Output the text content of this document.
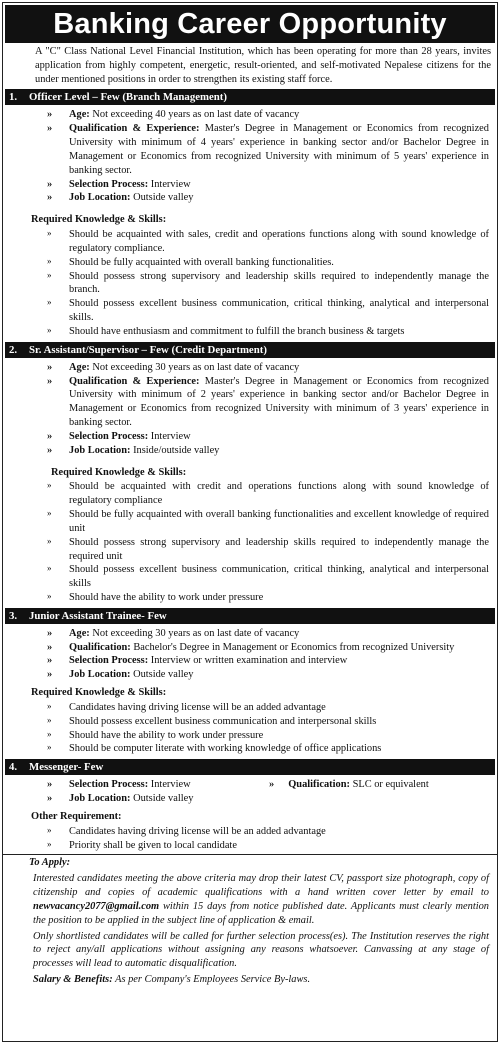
Banking Career Opportunity

A "C" Class National Level Financial Institution, which has been operating for more than 28 years, invites application from highly competent, energetic, result-oriented, and self-motivated Nepalese citizens for the under mentioned positions in order to strengthen its existing staff force.

1. Officer Level – Few (Branch Management)
» Age: Not exceeding 40 years as on last date of vacancy
» Qualification & Experience: Master's Degree in Management or Economics from recognized University with minimum of 4 years' experience in banking sector and/or Bachelor Degree in Management or Economics from recognized University with minimum of 5 years' experience in banking sector.
» Selection Process: Interview
» Job Location: Outside valley
Required Knowledge & Skills:
» Should be acquainted with sales, credit and operations functions along with sound knowledge of regulatory compliance.
» Should be fully acquainted with overall banking functionalities.
» Should possess strong supervisory and leadership skills required to independently manage the branch.
» Should possess excellent business communication, critical thinking, analytical and interpersonal skills.
» Should have enthusiasm and commitment to fulfill the branch business & targets
2. Sr. Assistant/Supervisor – Few (Credit Department)
» Age: Not exceeding 30 years as on last date of vacancy
» Qualification & Experience: Master's Degree in Management or Economics from recognized University with minimum of 2 years' experience in banking sector and/or Bachelor Degree in Management or Economics from recognized University with minimum of 3 years' experience in banking sector.
» Selection Process: Interview
» Job Location: Inside/outside valley
Required Knowledge & Skills:
» Should be acquainted with credit and operations functions along with sound knowledge of regulatory compliance
» Should be fully acquainted with overall banking functionalities and excellent knowledge of required unit
» Should possess strong supervisory and leadership skills required to independently manage the required unit
» Should possess excellent business communication, critical thinking, analytical and interpersonal skills
» Should have the ability to work under pressure
3. Junior Assistant Trainee- Few
» Age: Not exceeding 30 years as on last date of vacancy
» Qualification: Bachelor's Degree in Management or Economics from recognized University
» Selection Process: Interview or written examination and interview
» Job Location: Outside valley
Required Knowledge & Skills:
» Candidates having driving license will be an added advantage
» Should possess excellent business communication and interpersonal skills
» Should have the ability to work under pressure
» Should be computer literate with working knowledge of office applications
4. Messenger- Few
» Selection Process: Interview	» Qualification: SLC or equivalent
» Job Location: Outside valley
Other Requirement:
» Candidates having driving license will be an added advantage
» Priority shall be given to local candidate
To Apply:

Interested candidates meeting the above criteria may drop their latest CV, passport size photograph, copy of citizenship and copies of academic qualifications with a hand written cover letter by email to newvacancy2077@gmail.com within 15 days from notice published date. Applicants must clearly mention the position to be applied in the subject line of application & email.

Only shortlisted candidates will be called for further selection process(es). The Institution reserves the right to reject any/all applications without assigning any reasons whatsoever. Canvassing at any stage of processes will lead to automatic disqualification.

Salary & Benefits: As per Company's Employees Service By-laws.
